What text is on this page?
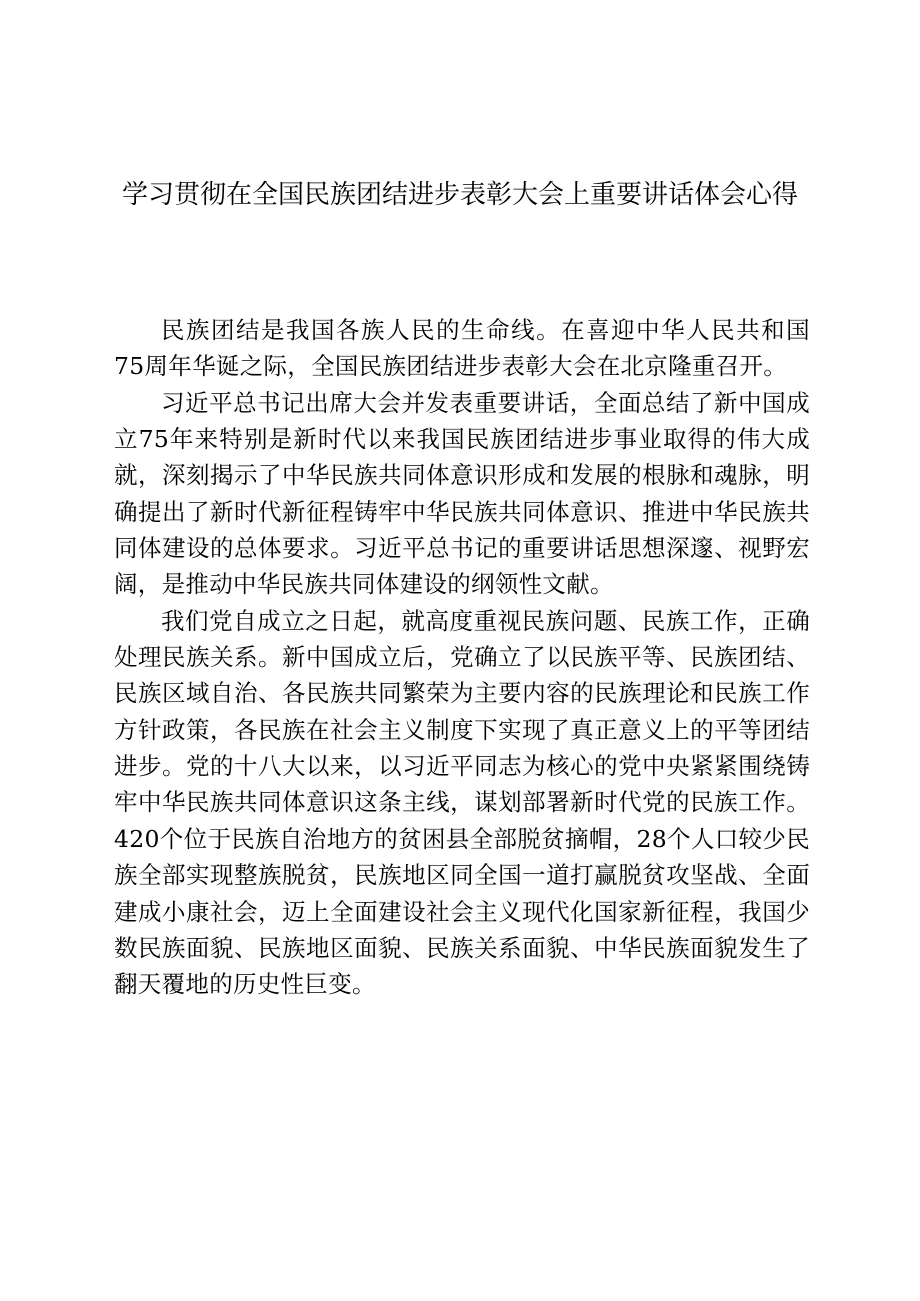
学习贯彻在全国民族团结进步表彰大会上重要讲话体会心得

民族团结是我国各族人民的生命线。在喜迎中华人民共和国75周年华诞之际，全国民族团结进步表彰大会在北京隆重召开。

习近平总书记出席大会并发表重要讲话，全面总结了新中国成立75年来特别是新时代以来我国民族团结进步事业取得的伟大成就，深刻揭示了中华民族共同体意识形成和发展的根脉和魂脉，明确提出了新时代新征程铸牢中华民族共同体意识、推进中华民族共同体建设的总体要求。习近平总书记的重要讲话思想深邃、视野宏阔，是推动中华民族共同体建设的纲领性文献。

我们党自成立之日起，就高度重视民族问题、民族工作，正确处理民族关系。新中国成立后，党确立了以民族平等、民族团结、民族区域自治、各民族共同繁荣为主要内容的民族理论和民族工作方针政策，各民族在社会主义制度下实现了真正意义上的平等团结进步。党的十八大以来，以习近平同志为核心的党中央紧紧围绕铸牢中华民族共同体意识这条主线，谋划部署新时代党的民族工作。420个位于民族自治地方的贫困县全部脱贫摘帽，28个人口较少民族全部实现整族脱贫，民族地区同全国一道打赢脱贫攻坚战、全面建成小康社会，迈上全面建设社会主义现代化国家新征程，我国少数民族面貌、民族地区面貌、民族关系面貌、中华民族面貌发生了翻天覆地的历史性巨变。
